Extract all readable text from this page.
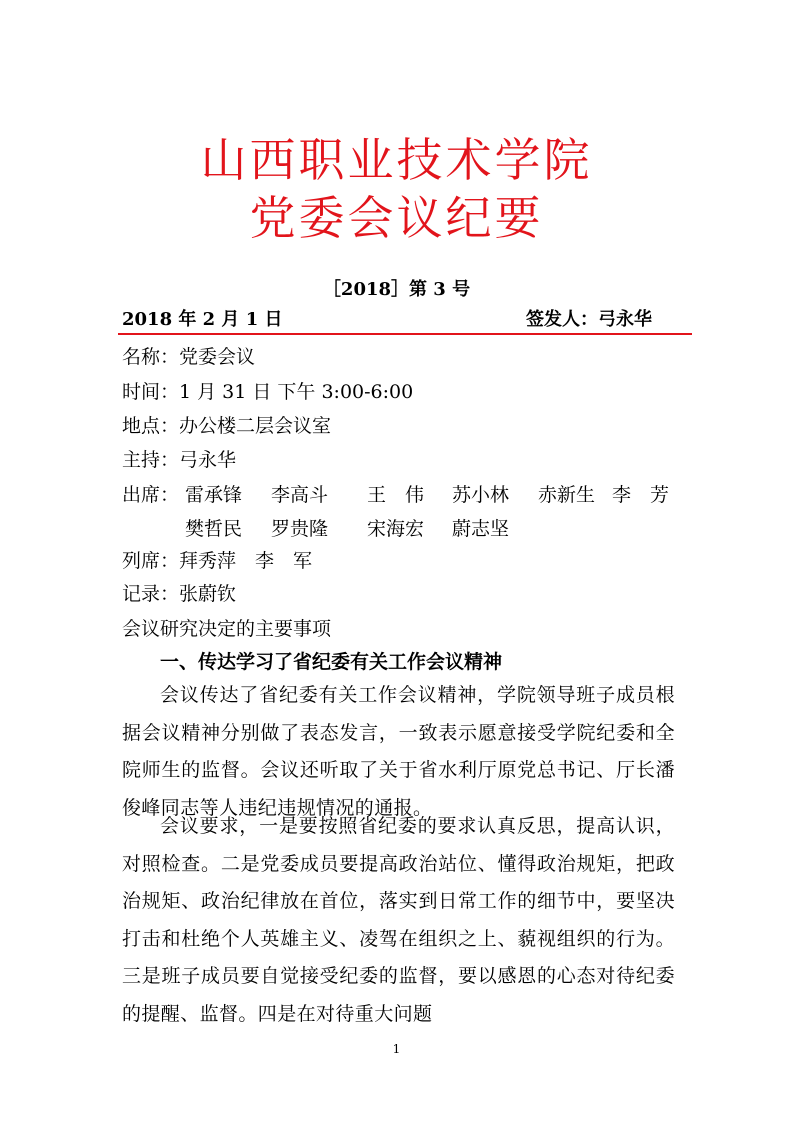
山西职业技术学院
党委会议纪要
［2018］第 3 号
2018 年 2 月 1 日	签发人：弓永华
名称：党委会议
时间：1 月 31 日 下午 3:00-6:00
地点：办公楼二层会议室
主持：弓永华
出席： 雷承锋 李高斗 王　伟 苏小林 赤新生 李　芳
樊哲民 罗贵隆 宋海宏 蔚志坚
列席：拜秀萍　李　军
记录：张蔚钦
会议研究决定的主要事项
一、传达学习了省纪委有关工作会议精神
会议传达了省纪委有关工作会议精神，学院领导班子成员根据会议精神分别做了表态发言，一致表示愿意接受学院纪委和全院师生的监督。会议还听取了关于省水利厅原党总书记、厅长潘俊峰同志等人违纪违规情况的通报。
会议要求，一是要按照省纪委的要求认真反思，提高认识，对照检查。二是党委成员要提高政治站位、懂得政治规矩，把政治规矩、政治纪律放在首位，落实到日常工作的细节中，要坚决打击和杜绝个人英雄主义、凌驾在组织之上、藐视组织的行为。三是班子成员要自觉接受纪委的监督，要以感恩的心态对待纪委的提醒、监督。四是在对待重大问题
1
